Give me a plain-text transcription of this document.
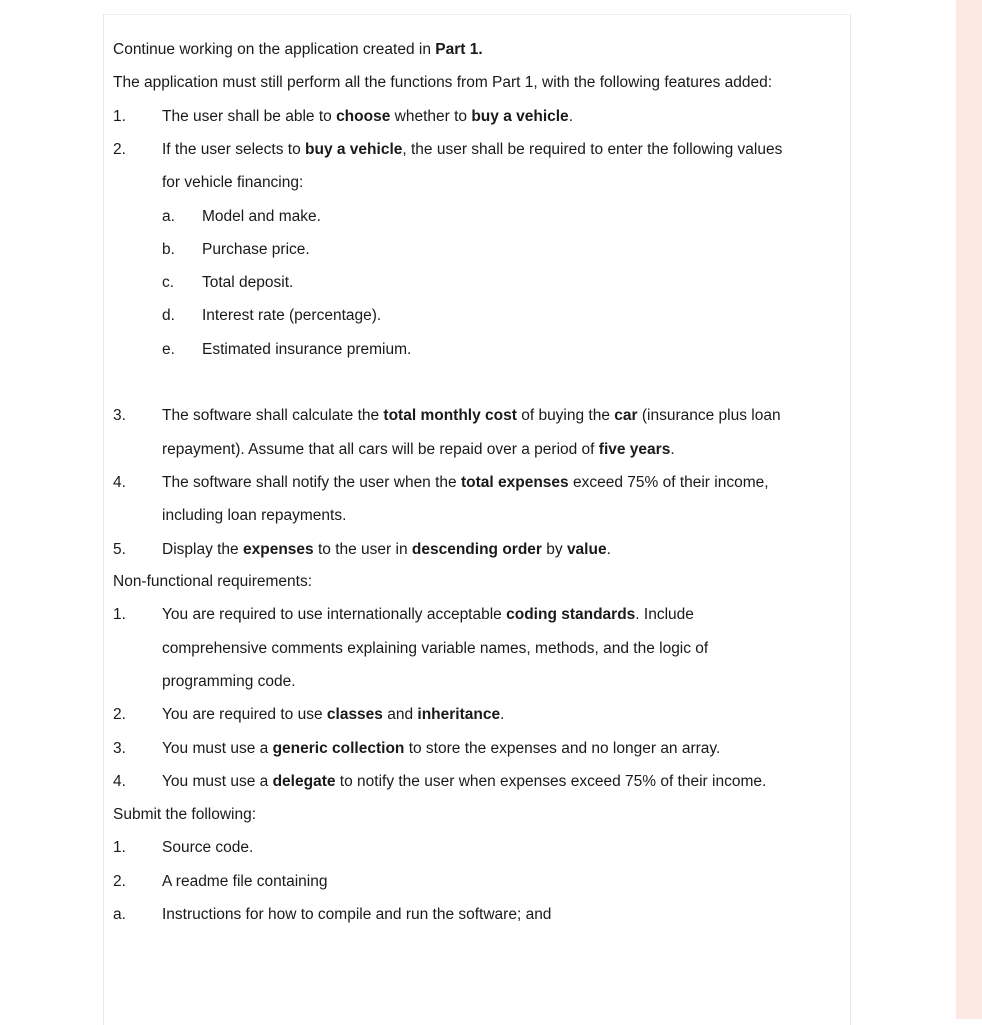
Continue working on the application created in Part 1.
The application must still perform all the functions from Part 1, with the following features added:
1. The user shall be able to choose whether to buy a vehicle.
2. If the user selects to buy a vehicle, the user shall be required to enter the following values
for vehicle financing:
3. The software shall calculate the total monthly cost of buying the car (insurance plus loan
repayment). Assume that all cars will be repaid over a period of five years.
4. The software shall notify the user when the total expenses exceed 75% of their income,
including loan repayments.
5. Display the expenses to the user in descending order by value.
a. Model and make.
b. Purchase price.
c. Total deposit.
d. Interest rate (percentage).
e. Estimated insurance premium.
Non-functional requirements:
1. You are required to use internationally acceptable coding standards. Include
comprehensive comments explaining variable names, methods, and the logic of
programming code.
2. You are required to use classes and inheritance.
3. You must use a generic collection to store the expenses and no longer an array.
4. You must use a delegate to notify the user when expenses exceed 75% of their income.
Submit the following:
1. Source code.
2. A readme file containing
a. Instructions for how to compile and run the software; and
